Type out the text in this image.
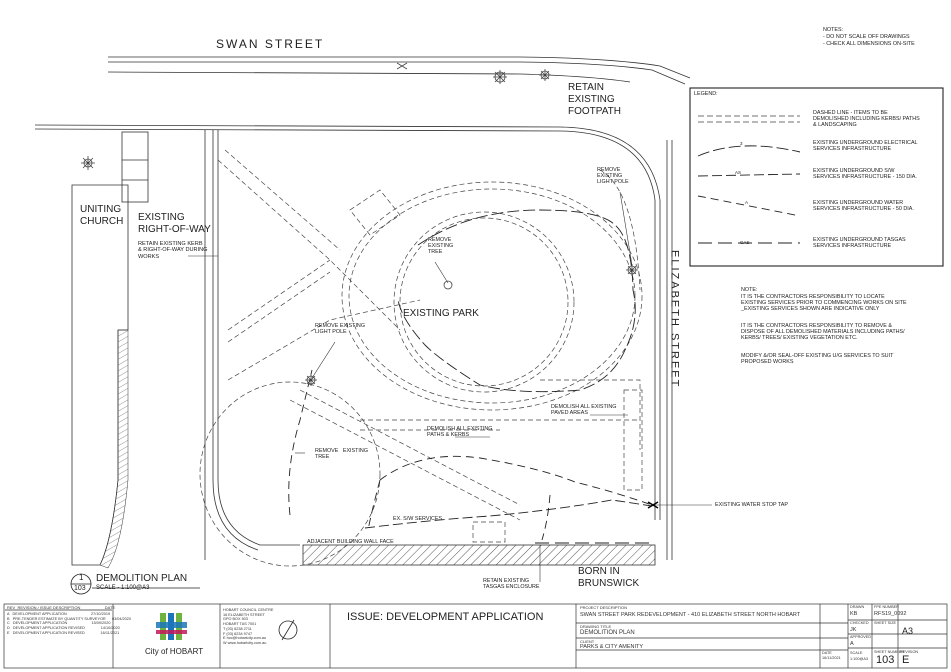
NOTES:
- DO NOT SCALE OFF DRAWINGS
- CHECK ALL DIMENSIONS ON-SITE
SWAN STREET
ELIZABETH STREET
RETAIN
EXISTING
FOOTPATH
UNITING
CHURCH EXISTING
RIGHT-OF-WAY
RETAIN EXISTING KERB
& RIGHT-OF-WAY DURING
WORKS
REMOVE
EXISTING
TREE
EXISTING PARK
REMOVE
EXISTING
LIGHT POLE
REMOVE EXISTING
LIGHT POLE
DEMOLISH ALL EXISTING
PATHS & KERBS
DEMOLISH ALL EXISTING
PAVED AREAS
REMOVE   EXISTING
TREE
EX. S/W SERVICES
ADJACENT BUILDING WALL FACE
EXISTING WATER STOP TAP
RETAIN EXISTING
TASGAS ENCLOSURE
BORN IN
BRUNSWICK
1
103
DEMOLITION PLAN
SCALE - 1:100@A3
LEGEND:
DASHED LINE - ITEMS TO BE
DEMOLISHED INCLUDING KERBS/ PATHS
& LANDSCAPING
EXISTING UNDERGROUND ELECTRICAL
SERVICES INFRASTRUCTURE
EXISTING UNDERGROUND S/W
SERVICES INFRASTRUCTURE - 150 DIA.
EXISTING UNDERGROUND WATER
SERVICES INFRASTRUCTURE - 50 DIA.
EXISTING UNDERGROUND TASGAS
SERVICES INFRASTRUCTURE
3
AS
A
GAS
NOTE:
IT IS THE CONTRACTORS RESPONSIBILITY TO LOCATE
EXISTING SERVICES PRIOR TO COMMENCING WORKS ON SITE
_EXISTING SERVICES SHOWN ARE INDICATIVE ONLY
IT IS THE CONTRACTORS RESPONSIBILITY TO REMOVE &
DISPOSE OF ALL DEMOLISHED MATERIALS INCLUDING PATHS/
KERBS/ TREES/ EXISTING VEGETATION ETC.
MODIFY &/OR SEAL-OFF EXISTING U/G SERVICES TO SUIT
PROPOSED WORKS
REV  REVISION / ISSUE DESCRIPTION                      DATE
A   DEVELOPMENT APPLICATION                       27/10/2019
B   PRE-TENDER ESTIMATE BY QUANTITY SURVEYOR      03/04/2020
C   DEVELOPMENT APPLICATION                       15/09/2020
D   DEVELOPMENT APPLICATION REVISED               14/10/2020
E   DEVELOPMENT APPLICATION REVISED               16/11/2021
HOBART COUNCIL CENTRE
16 ELIZABETH STREET
GPO BOX 503
HOBART TAS 7001
T (03) 6238 2711
F (03) 6234 9747
E hcc@hobartcity.com.au
W www.hobartcity.com.au
City of HOBART
ISSUE: DEVELOPMENT APPLICATION
PROJECT DESCRIPTION
SWAN STREET PARK REDEVELOPMENT - 410 ELIZABETH STREET NORTH HOBART
DRAWING TITLE
DEMOLITION PLAN
CLIENT
PARKS & CITY AMENITY
DRAWN
KB
CHECKED
JK
APPROVED
A
DATE
16/11/2021
SCALE
1:100@A3
FPE NUMBER
RFS19_0092
SHEET SIZE
A3
SHEET NUMBER
103
REVISION
E
